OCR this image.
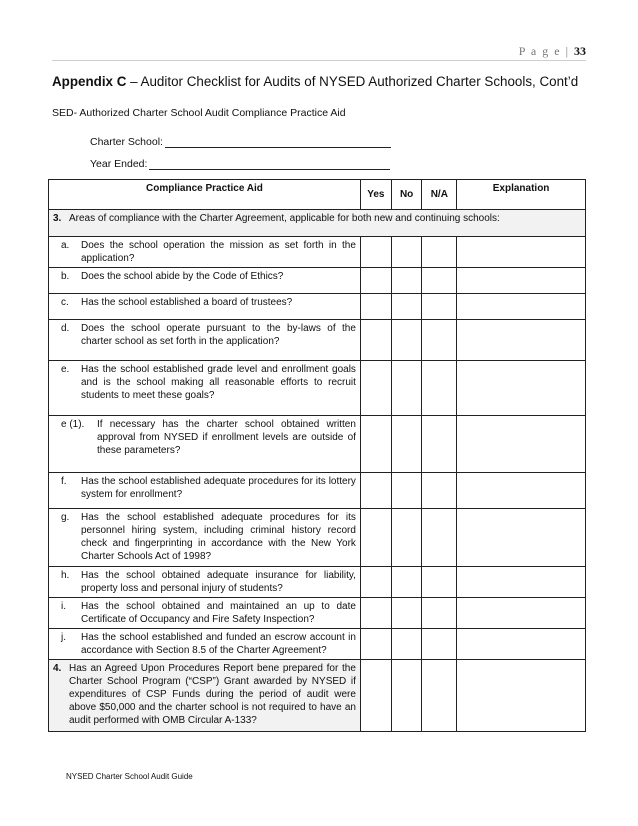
P a g e | 33
Appendix C – Auditor Checklist for Audits of NYSED Authorized Charter Schools, Cont’d
SED- Authorized Charter School Audit Compliance Practice Aid
Charter School:
Year Ended:
Compliance Practice Aid	Yes	No	N/A	Explanation

3. Areas of compliance with the Charter Agreement, applicable for both new and continuing schools:				

a. Does the school operation the mission as set forth in the application?				

b. Does the school abide by the Code of Ethics?				

c. Has the school established a board of trustees?				

d. Does the school operate pursuant to the by-laws of the charter school as set forth in the application?				

e. Has the school established grade level and enrollment goals and is the school making all reasonable efforts to recruit students to meet these goals?				

e (1). If necessary has the charter school obtained written approval from NYSED if enrollment levels are outside of these parameters?				

f. Has the school established adequate procedures for its lottery system for enrollment?				

g. Has the school established adequate procedures for its personnel hiring system, including criminal history record check and fingerprinting in accordance with the New York Charter Schools Act of 1998?				

h. Has the school obtained adequate insurance for liability, property loss and personal injury of students?				

i. Has the school obtained and maintained an up to date Certificate of Occupancy and Fire Safety Inspection?				

j. Has the school established and funded an escrow account in accordance with Section 8.5 of the Charter Agreement?				

4. Has an Agreed Upon Procedures Report bene prepared for the Charter School Program (“CSP”) Grant awarded by NYSED if expenditures of CSP Funds during the period of audit were above $50,000 and the charter school is not required to have an audit performed with OMB Circular A-133?				

NYSED Charter School Audit Guide
